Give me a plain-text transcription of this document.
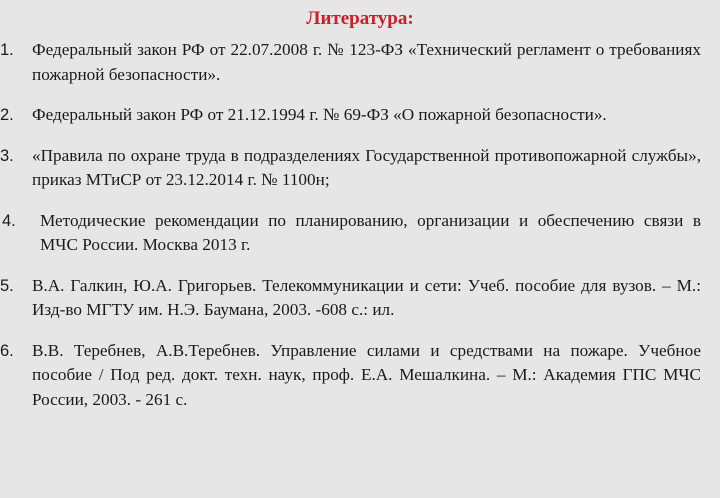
Литература:
1.	Федеральный закон РФ от 22.07.2008 г. № 123-ФЗ «Технический регламент о требованиях пожарной безопасности».
2.	Федеральный закон РФ от 21.12.1994 г. № 69-ФЗ «О пожарной безопасности».
3.	«Правила по охране труда в подразделениях Государственной противопожарной службы», приказ МТиСР от 23.12.2014 г. № 1100н;
4.	Методические рекомендации по планированию, организации и обеспечению связи в МЧС России. Москва 2013 г.
5.	В.А. Галкин, Ю.А. Григорьев. Телекоммуникации и сети: Учеб. пособие для вузов. – М.: Изд-во МГТУ им. Н.Э. Баумана, 2003. -608 с.: ил.
6.	В.В. Теребнев, А.В.Теребнев. Управление силами и средствами на пожаре. Учебное пособие / Под ред. докт. техн. наук, проф. Е.А. Мешалкина. – М.: Академия ГПС МЧС России, 2003. - 261 с.
